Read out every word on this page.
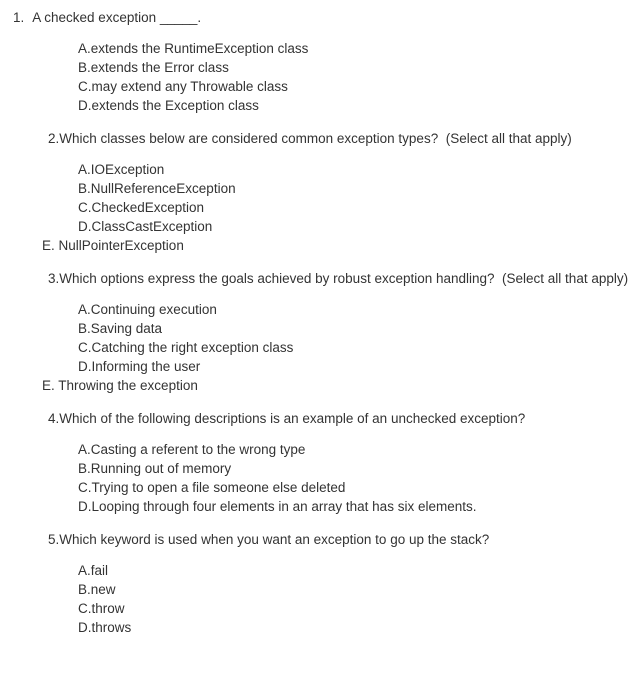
1. A checked exception _____.

A.extends the RuntimeException class

B.extends the Error class

C.may extend any Throwable class

D.extends the Exception class

2.Which classes below are considered common exception types?  (Select all that apply)

A.IOException

B.NullReferenceException

C.CheckedException

D.ClassCastException

E. NullPointerException

3.Which options express the goals achieved by robust exception handling?  (Select all that apply)

A.Continuing execution

B.Saving data

C.Catching the right exception class

D.Informing the user

E. Throwing the exception

4.Which of the following descriptions is an example of an unchecked exception?

A.Casting a referent to the wrong type

B.Running out of memory

C.Trying to open a file someone else deleted

D.Looping through four elements in an array that has six elements.

5.Which keyword is used when you want an exception to go up the stack?

A.fail

B.new

C.throw

D.throws
